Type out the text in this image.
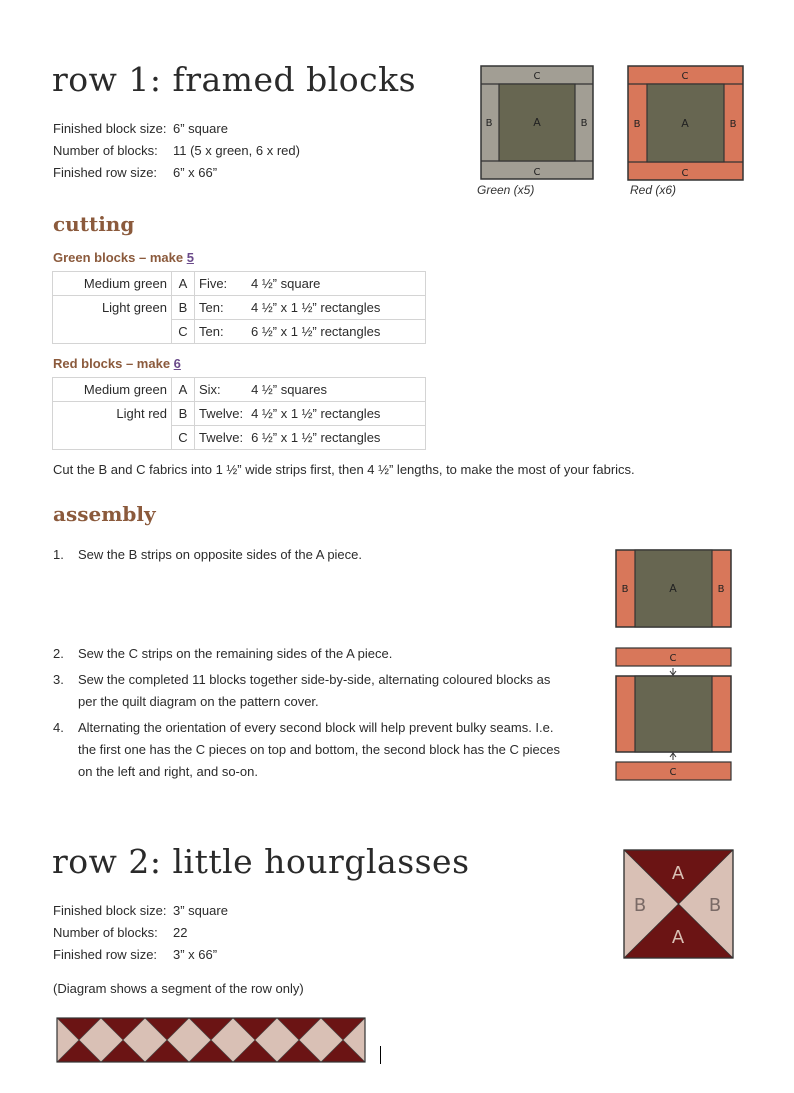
row 1: framed blocks
Finished block size: 6” square
Number of blocks: 11 (5 x green, 6 x red)
Finished row size: 6” x 66”
C
C
B	B
A
Green (x5)
C
C
B	B
A
Red (x6)
cutting
Green blocks – make 5
Medium green	A	Five:	4 ½” square
Light green	B	Ten:	4 ½” x 1 ½” rectangles
	C	Ten:	6 ½” x 1 ½” rectangles
Red blocks – make 6
Medium green	A	Six:	4 ½” squares
Light red	B	Twelve:	4 ½” x 1 ½” rectangles
	C	Twelve:	6 ½” x 1 ½” rectangles
Cut the B and C fabrics into 1 ½” wide strips first, then 4 ½” lengths, to make the most of your fabrics.
assembly
1. Sew the B strips on opposite sides of the A piece.
2. Sew the C strips on the remaining sides of the A piece.
3. Sew the completed 11 blocks together side-by-side, alternating coloured blocks as per the quilt diagram on the pattern cover.
4. Alternating the orientation of every second block will help prevent bulky seams. I.e. the first one has the C pieces on top and bottom, the second block has the C pieces on the left and right, and so-on.
B	B
A
C
C
row 2: little hourglasses
Finished block size: 3” square
Number of blocks: 22
Finished row size: 3” x 66”
(Diagram shows a segment of the row only)
A
A
B	B
